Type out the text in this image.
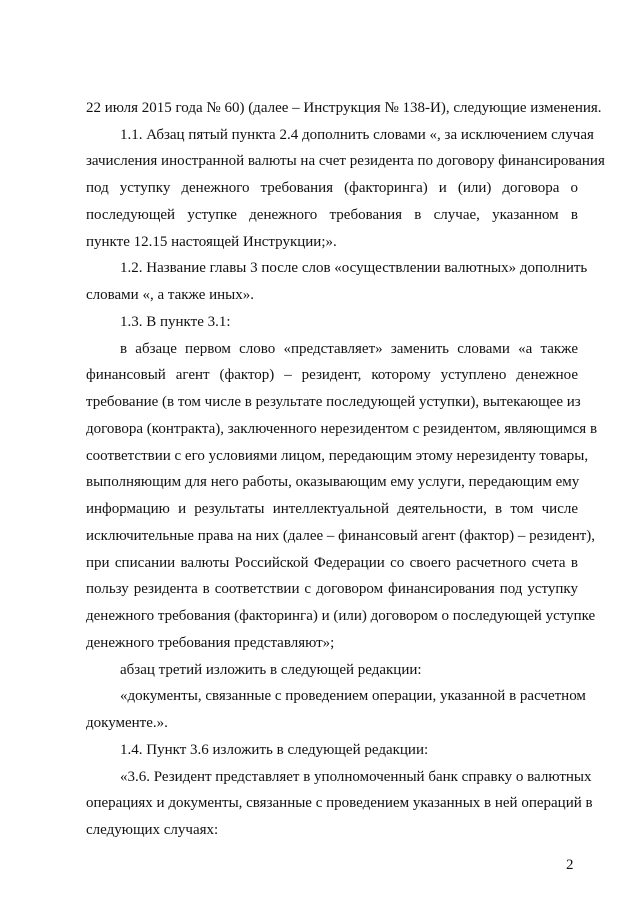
22 июля 2015 года № 60) (далее – Инструкция № 138-И), следующие изменения.
1.1. Абзац пятый пункта 2.4 дополнить словами «, за исключением случая
зачисления иностранной валюты на счет резидента по договору финансирования
под уступку денежного требования (факторинга) и (или) договора о
последующей уступке денежного требования в случае, указанном в
пункте 12.15 настоящей Инструкции;».
1.2. Название главы 3 после слов «осуществлении валютных» дополнить
словами «, а также иных».
1.3. В пункте 3.1:
в абзаце первом слово «представляет» заменить словами «а также
финансовый агент (фактор) – резидент, которому уступлено денежное
требование (в том числе в результате последующей уступки), вытекающее из
договора (контракта), заключенного нерезидентом с резидентом, являющимся в
соответствии с его условиями лицом, передающим этому нерезиденту товары,
выполняющим для него работы, оказывающим ему услуги, передающим ему
информацию и результаты интеллектуальной деятельности, в том числе
исключительные права на них (далее – финансовый агент (фактор) – резидент),
при списании валюты Российской Федерации со своего расчетного счета в
пользу резидента в соответствии с договором финансирования под уступку
денежного требования (факторинга) и (или) договором о последующей уступке
денежного требования представляют»;
абзац третий изложить в следующей редакции:
«документы, связанные с проведением операции, указанной в расчетном
документе.».
1.4. Пункт 3.6 изложить в следующей редакции:
«3.6. Резидент представляет в уполномоченный банк справку о валютных
операциях и документы, связанные с проведением указанных в ней операций в
следующих случаях:
2
